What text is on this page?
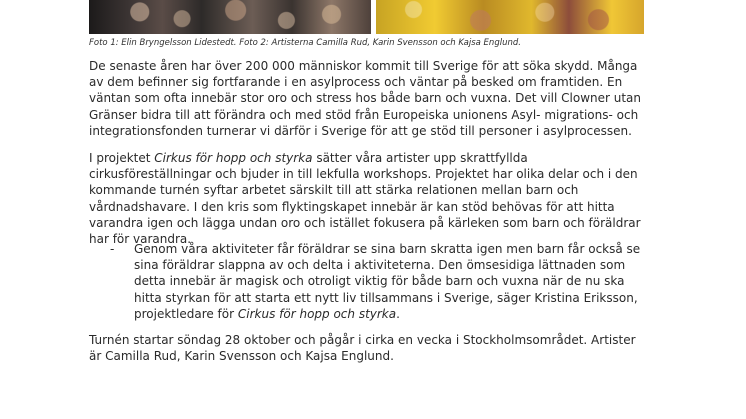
Foto 1: Elin Bryngelsson Lidestedt. Foto 2: Artisterna Camilla Rud, Karin Svensson och Kajsa Englund.

De senaste åren har över 200 000 människor kommit till Sverige för att söka skydd. Många av dem befinner sig fortfarande i en asylprocess och väntar på besked om framtiden. En väntan som ofta innebär stor oro och stress hos både barn och vuxna. Det vill Clowner utan Gränser bidra till att förändra och med stöd från Europeiska unionens Asyl- migrations- och integrationsfonden turnerar vi därför i Sverige för att ge stöd till personer i asylprocessen.

I projektet Cirkus för hopp och styrka sätter våra artister upp skrattfyllda cirkusföreställningar och bjuder in till lekfulla workshops. Projektet har olika delar och i den kommande turnén syftar arbetet särskilt till att stärka relationen mellan barn och vårdnadshavare. I den kris som flyktingskapet innebär är kan stöd behövas för att hitta varandra igen och lägga undan oro och istället fokusera på kärleken som barn och föräldrar har för varandra.

- Genom våra aktiviteter får föräldrar se sina barn skratta igen men barn får också se sina föräldrar slappna av och delta i aktiviteterna. Den ömsesidiga lättnaden som detta innebär är magisk och otroligt viktig för både barn och vuxna när de nu ska hitta styrkan för att starta ett nytt liv tillsammans i Sverige, säger Kristina Eriksson, projektledare för Cirkus för hopp och styrka.

Turnén startar söndag 28 oktober och pågår i cirka en vecka i Stockholmsområdet. Artister är Camilla Rud, Karin Svensson och Kajsa Englund.
